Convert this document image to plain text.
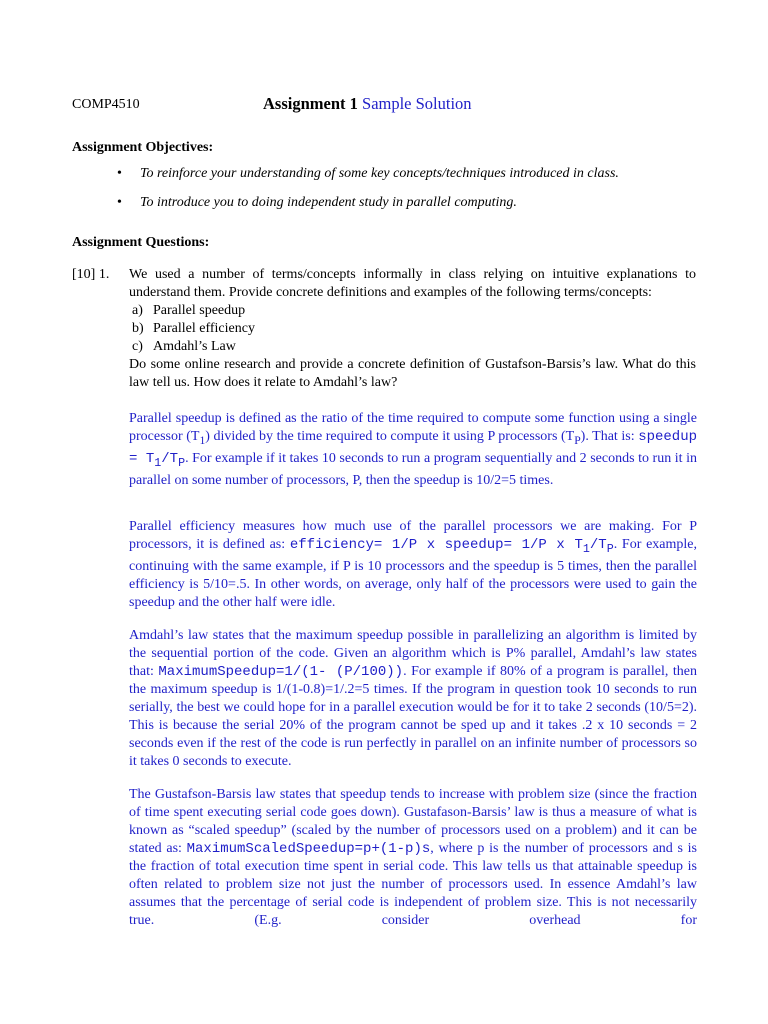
COMP4510	Assignment 1 Sample Solution
Assignment Objectives:
• To reinforce your understanding of some key concepts/techniques introduced in class.
• To introduce you to doing independent study in parallel computing.
Assignment Questions:
[10] 1. We used a number of terms/concepts informally in class relying on intuitive explanations to understand them. Provide concrete definitions and examples of the following terms/concepts:
a) Parallel speedup
b) Parallel efficiency
c) Amdahl’s Law
Do some online research and provide a concrete definition of Gustafson-Barsis’s law. What do this law tell us. How does it relate to Amdahl’s law?

Parallel speedup is defined as the ratio of the time required to compute some function using a single processor $(T_1)$ divided by the time required to compute it using P processors $(T_P)$. That is: speedup = $T_1/T_P$. For example if it takes 10 seconds to run a program sequentially and 2 seconds to run it in parallel on some number of processors, P, then the speedup is 10/2=5 times.

Parallel efficiency measures how much use of the parallel processors we are making. For P processors, it is defined as: efficiency= 1/P x speedup= 1/P x $T_1/T_P$. For example, continuing with the same example, if P is 10 processors and the speedup is 5 times, then the parallel efficiency is 5/10=.5. In other words, on average, only half of the processors were used to gain the speedup and the other half were idle.

Amdahl’s law states that the maximum speedup possible in parallelizing an algorithm is limited by the sequential portion of the code. Given an algorithm which is P% parallel, Amdahl’s law states that: MaximumSpeedup=1/(1- (P/100)). For example if 80% of a program is parallel, then the maximum speedup is 1/(1-0.8)=1/.2=5 times. If the program in question took 10 seconds to run serially, the best we could hope for in a parallel execution would be for it to take 2 seconds (10/5=2). This is because the serial 20% of the program cannot be sped up and it takes .2 x 10 seconds = 2 seconds even if the rest of the code is run perfectly in parallel on an infinite number of processors so it takes 0 seconds to execute.

The Gustafson-Barsis law states that speedup tends to increase with problem size (since the fraction of time spent executing serial code goes down). Gustafason-Barsis’ law is thus a measure of what is known as “scaled speedup” (scaled by the number of processors used on a problem) and it can be stated as: MaximumScaledSpeedup=p+(1-p)s, where p is the number of processors and s is the fraction of total execution time spent in serial code. This law tells us that attainable speedup is often related to problem size not just the number of processors used. In essence Amdahl’s law assumes that the percentage of serial code is independent of problem size. This is not necessarily true. (E.g. consider overhead for
